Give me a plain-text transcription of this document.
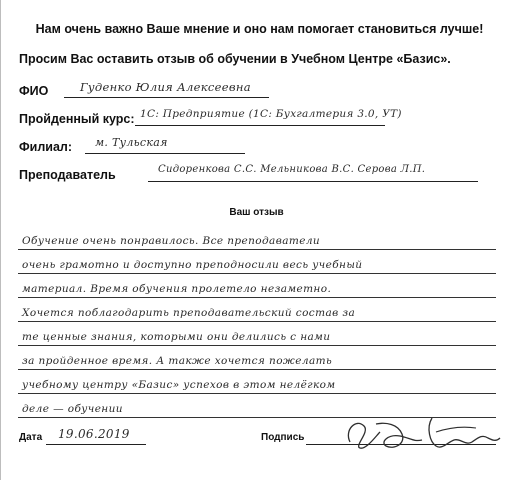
Нам очень важно Ваше мнение и оно нам помогает становиться лучше!
Просим Вас оставить отзыв об обучении в Учебном Центре «Базис».
ФИО	Гуденко Юлия Алексеевна
Пройденный курс: 1С: Предприятие (1С: Бухгалтерия 3.0, УТ)
Филиал: м. Тульская
Преподаватель	Сидоренкова С.С. Мельникова В.С. Серова Л.П.
Ваш отзыв
Обучение очень понравилось. Все преподаватели
очень грамотно и доступно преподносили весь учебный
материал. Время обучения пролетело незаметно.
Хочется поблагодарить преподавательский состав за
те ценные знания, которыми они делились с нами
за пройденное время. А также хочется пожелать
учебному центру «Базис» успехов в этом нелёгком
деле — обучении
Дата 19.06.2019	Подпись
